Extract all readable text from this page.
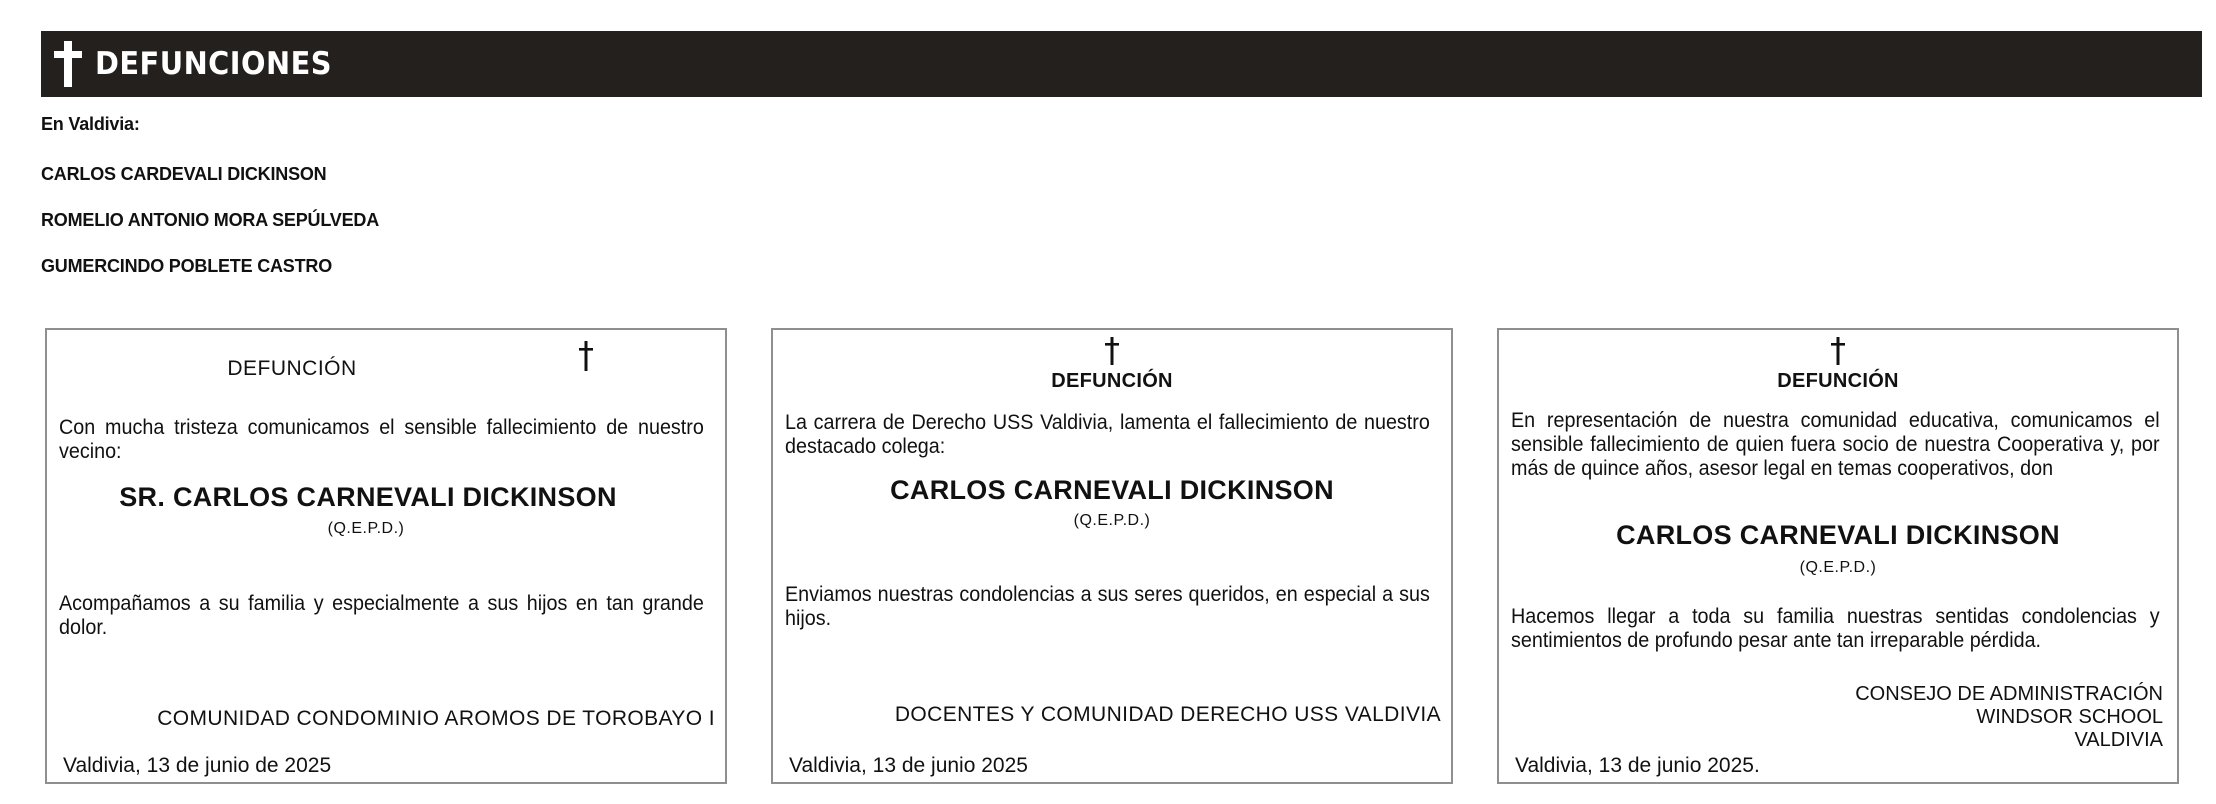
DEFUNCIONES
En Valdivia:
CARLOS CARDEVALI DICKINSON
ROMELIO ANTONIO MORA SEPÚLVEDA
GUMERCINDO POBLETE CASTRO
DEFUNCIÓN
Con mucha tristeza comunicamos el sensible fallecimiento de nuestro vecino:
SR. CARLOS CARNEVALI DICKINSON
(Q.E.P.D.)
Acompañamos a su familia y especialmente a sus hijos en tan grande dolor.
COMUNIDAD CONDOMINIO AROMOS DE TOROBAYO I
Valdivia, 13 de junio de 2025
DEFUNCIÓN
La carrera de Derecho USS Valdivia, lamenta el fallecimiento de nuestro destacado colega:
CARLOS CARNEVALI DICKINSON
(Q.E.P.D.)
Enviamos nuestras condolencias a sus seres queridos, en especial a sus hijos.
DOCENTES Y COMUNIDAD DERECHO USS VALDIVIA
Valdivia, 13 de junio 2025
DEFUNCIÓN
En representación de nuestra comunidad educativa, comunicamos el sensible fallecimiento de quien fuera socio de nuestra Cooperativa y, por más de quince años, asesor legal en temas cooperativos, don
CARLOS CARNEVALI DICKINSON
(Q.E.P.D.)
Hacemos llegar a toda su familia nuestras sentidas condolencias y sentimientos de profundo pesar ante tan irreparable pérdida.
CONSEJO DE ADMINISTRACIÓN
WINDSOR SCHOOL
VALDIVIA
Valdivia, 13 de junio 2025.
